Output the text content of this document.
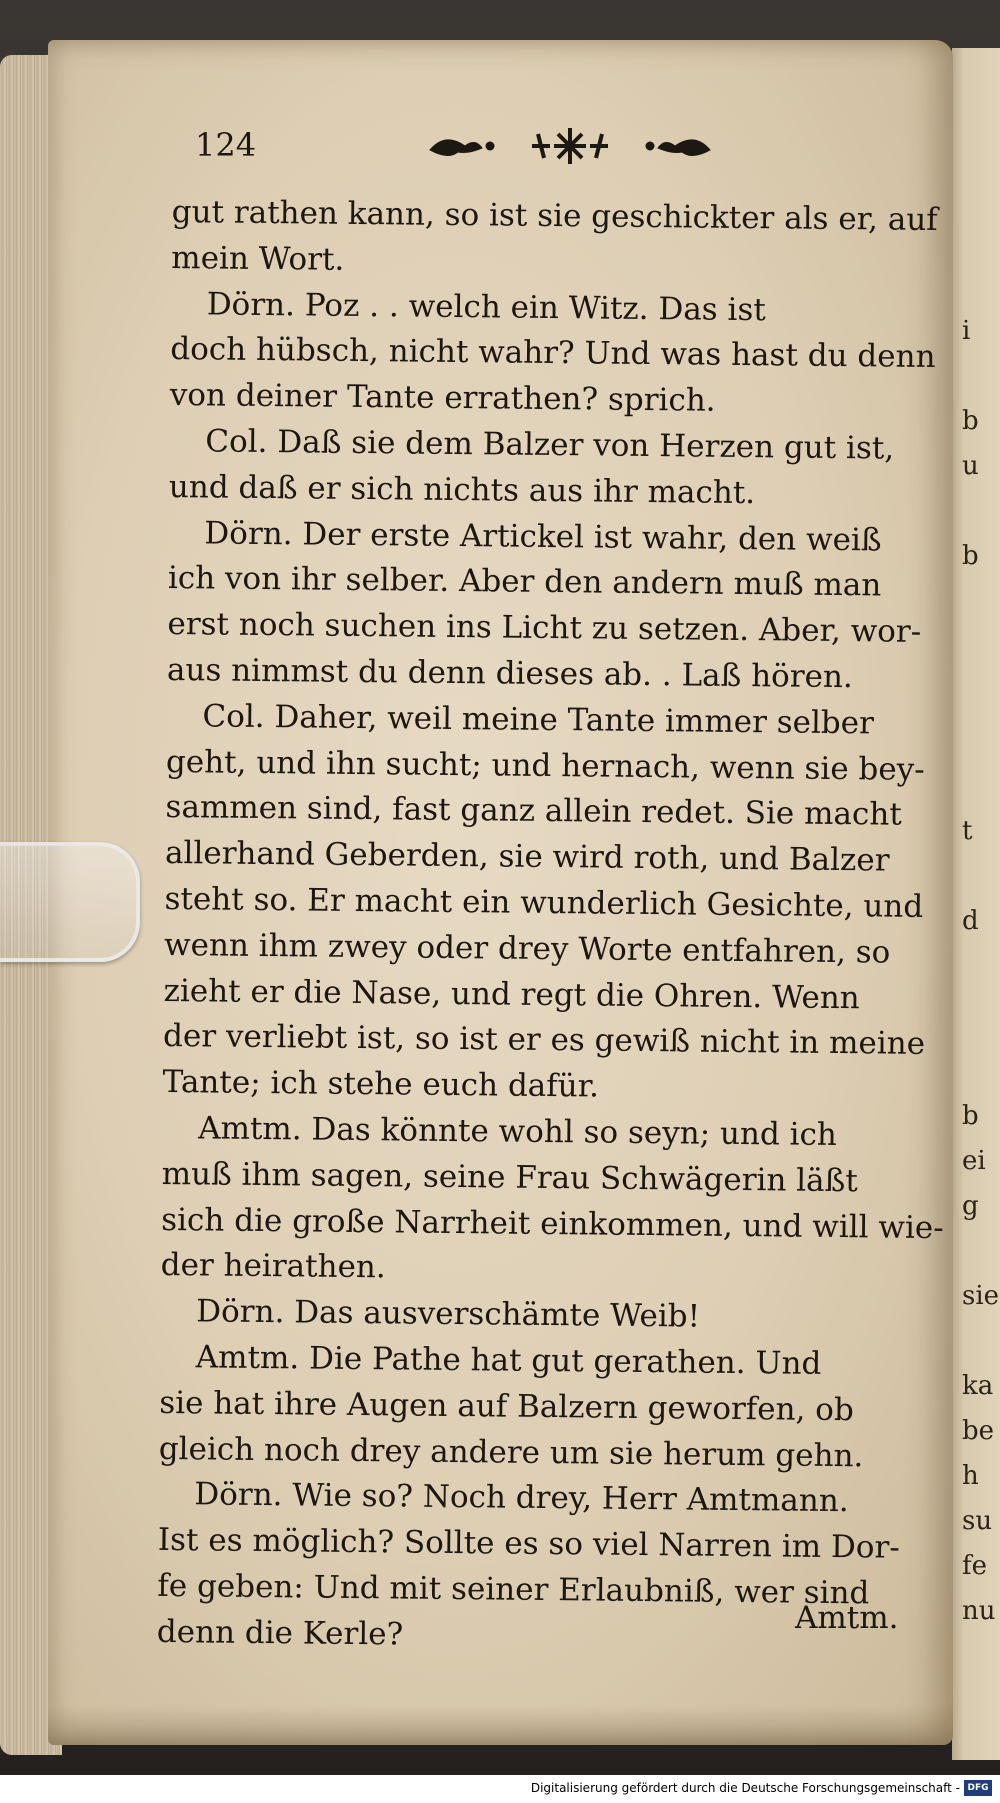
i
b
u
b
t
d
b
ei
g
sie
ka
be
h
su
fe
nu
124
gut rathen kann, so ist sie geschickter als er, auf
mein Wort.
Dörn. Poz . . welch ein Witz. Das ist
doch hübsch, nicht wahr? Und was hast du denn
von deiner Tante errathen? sprich.
Col. Daß sie dem Balzer von Herzen gut ist,
und daß er sich nichts aus ihr macht.
Dörn. Der erste Artickel ist wahr, den weiß
ich von ihr selber. Aber den andern muß man
erst noch suchen ins Licht zu setzen. Aber, wor-
aus nimmst du denn dieses ab. . Laß hören.
Col. Daher, weil meine Tante immer selber
geht, und ihn sucht; und hernach, wenn sie bey-
sammen sind, fast ganz allein redet. Sie macht
allerhand Geberden, sie wird roth, und Balzer
steht so. Er macht ein wunderlich Gesichte, und
wenn ihm zwey oder drey Worte entfahren, so
zieht er die Nase, und regt die Ohren. Wenn
der verliebt ist, so ist er es gewiß nicht in meine
Tante; ich stehe euch dafür.
Amtm. Das könnte wohl so seyn; und ich
muß ihm sagen, seine Frau Schwägerin läßt
sich die große Narrheit einkommen, und will wie-
der heirathen.
Dörn. Das ausverschämte Weib!
Amtm. Die Pathe hat gut gerathen. Und
sie hat ihre Augen auf Balzern geworfen, ob
gleich noch drey andere um sie herum gehn.
Dörn. Wie so? Noch drey, Herr Amtmann.
Ist es möglich? Sollte es so viel Narren im Dor-
fe geben: Und mit seiner Erlaubniß, wer sind
denn die Kerle?	Amtm.
Digitalisierung gefördert durch die Deutsche Forschungsgemeinschaft - DFG
